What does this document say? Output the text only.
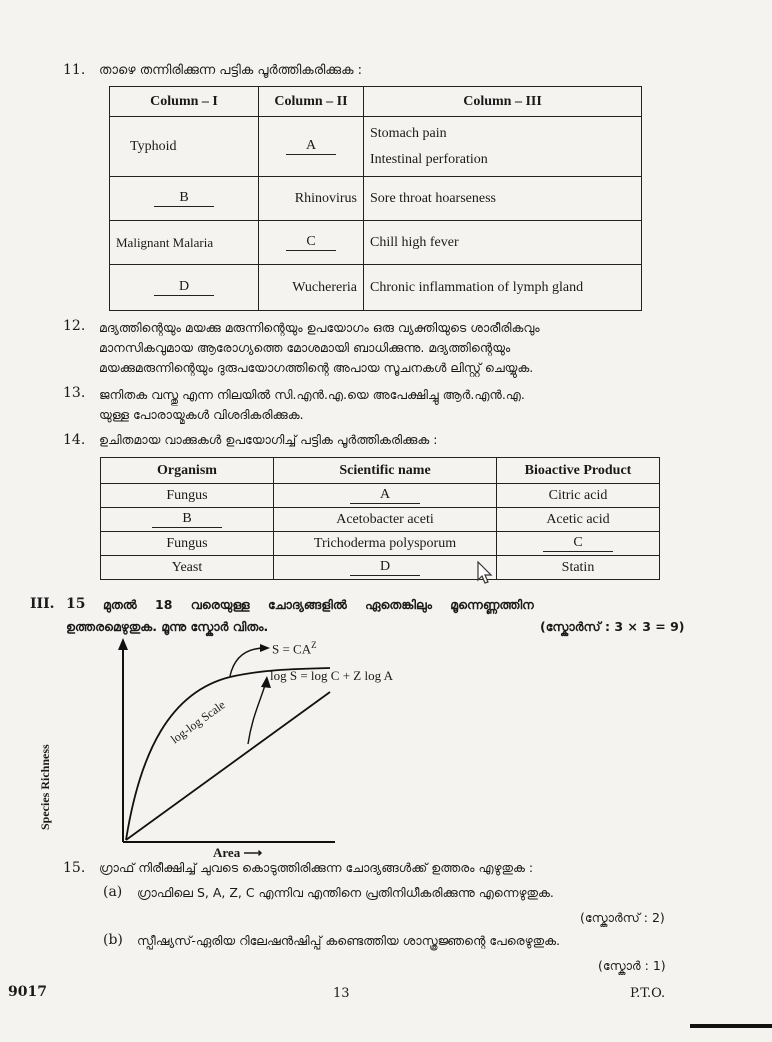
11. താഴെ തന്നിരിക്കുന്ന പട്ടിക പൂർത്തികരിക്കുക :
Column – I	Column – II	Column – III
Typhoid	A	Stomach pain
Intestinal perforation

B	Rhinovirus	Sore throat hoarseness
Malignant Malaria	C	Chill high fever
D	Wuchereria	Chronic inflammation of lymph gland
12. മദ്യത്തിന്റെയും മയക്കു മരുന്നിന്റെയും ഉപയോഗം ഒരു വ്യക്തിയുടെ ശാരീരികവും
മാനസികവുമായ ആരോഗ്യത്തെ മോശമായി ബാധിക്കുന്നു. മദ്യത്തിന്റെയും
മയക്കുമരുന്നിന്റെയും ദുരുപയോഗത്തിന്റെ അപായ സൂചനകൾ ലിസ്റ്റ് ചെയ്യുക.
13. ജനിതക വസ്തു എന്ന നിലയിൽ സി.എൻ.എ.യെ അപേക്ഷിച്ചു ആർ.എൻ.എ.
യുള്ള പോരായ്മകൾ വിശദികരിക്കുക.
14. ഉചിതമായ വാക്കുകൾ ഉപയോഗിച്ച് പട്ടിക പൂർത്തികരിക്കുക :
Organism	Scientific name	Bioactive Product
Fungus	A	Citric acid
B	Acetobacter aceti	Acetic acid
Fungus	Trichoderma polysporum	C
Yeast	D	Statin
III. 15 മുതൽ 18 വരെയുള്ള ചോദ്യങ്ങളിൽ ഏതെങ്കിലും മൂന്നെണ്ണത്തിന
ഉത്തരമെഴുതുക. മൂന്നു സ്കോർ വിതം.	(സ്കോർസ് : 3 × 3 = 9)
$S = CA^Z$
log S = log C + Z log A
log-log Scale
Species Richness
Area ⟶
15. ഗ്രാഫ് നിരീക്ഷിച്ച് ചുവടെ കൊടുത്തിരിക്കുന്ന ചോദ്യങ്ങൾക്ക് ഉത്തരം എഴുതുക :
(a) ഗ്രാഫിലെ S, A, Z, C എന്നിവ എന്തിനെ പ്രതിനിധീകരിക്കുന്നു എന്നെഴുതുക.
(സ്കോർസ് : 2)
(b) സ്പീഷ്യസ്-ഏരിയ റിലേഷൻഷിപ്പ് കണ്ടെത്തിയ ശാസ്ത്രജ്ഞന്റെ പേരെഴുതുക.
(സ്കോർ : 1)
9017	13	P.T.O.
